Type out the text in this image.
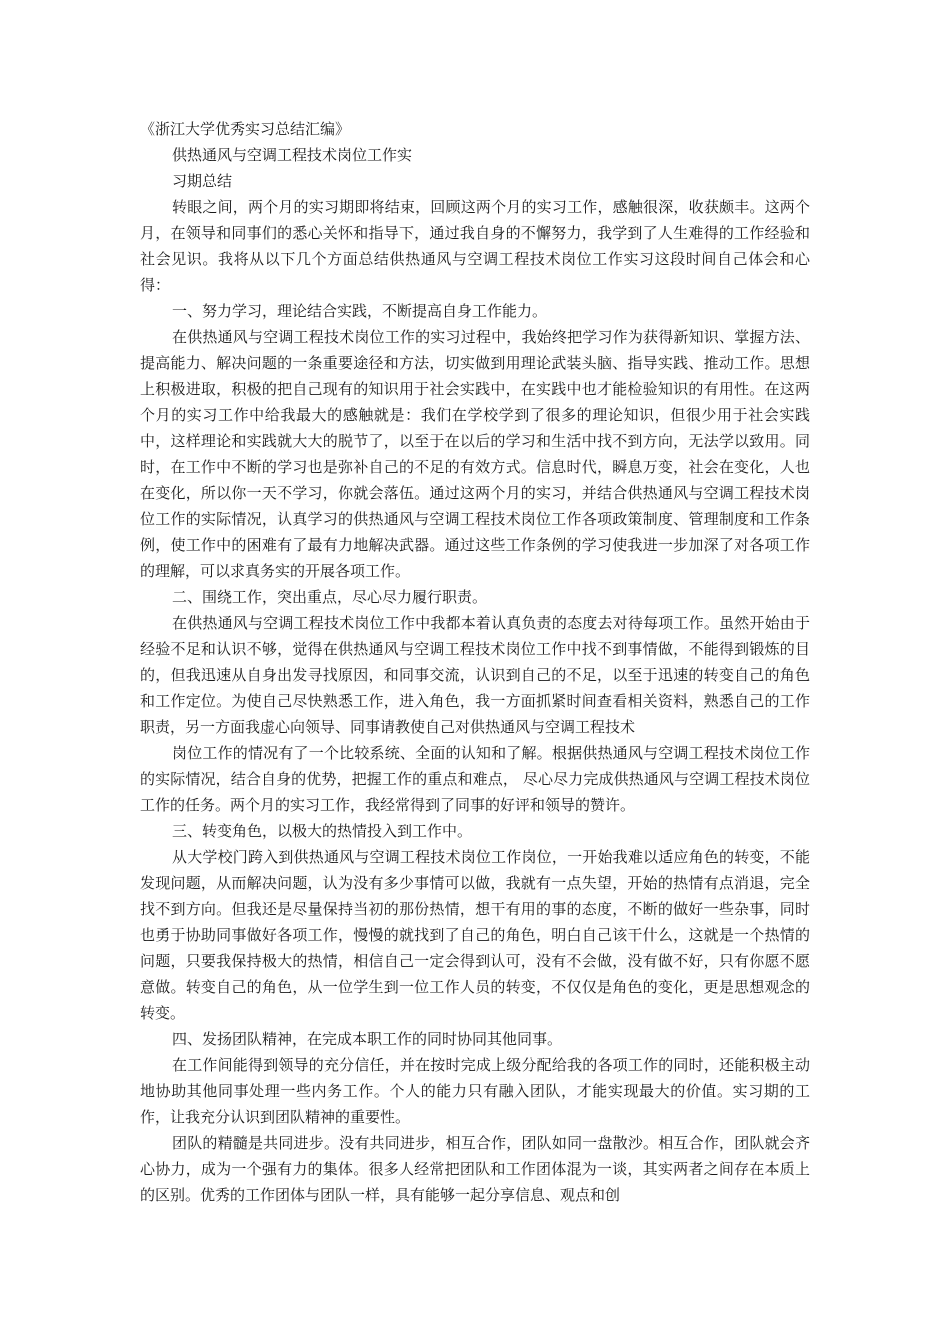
《浙江大学优秀实习总结汇编》

供热通风与空调工程技术岗位工作实

习期总结

转眼之间，两个月的实习期即将结束，回顾这两个月的实习工作，感触很深，收获颇丰。这两个月，在领导和同事们的悉心关怀和指导下，通过我自身的不懈努力，我学到了人生难得的工作经验和社会见识。我将从以下几个方面总结供热通风与空调工程技术岗位工作实习这段时间自己体会和心得：

一、努力学习，理论结合实践，不断提高自身工作能力。

在供热通风与空调工程技术岗位工作的实习过程中，我始终把学习作为获得新知识、掌握方法、提高能力、解决问题的一条重要途径和方法，切实做到用理论武装头脑、指导实践、推动工作。思想上积极进取，积极的把自己现有的知识用于社会实践中，在实践中也才能检验知识的有用性。在这两个月的实习工作中给我最大的感触就是：我们在学校学到了很多的理论知识，但很少用于社会实践中，这样理论和实践就大大的脱节了，以至于在以后的学习和生活中找不到方向，无法学以致用。同时，在工作中不断的学习也是弥补自己的不足的有效方式。信息时代，瞬息万变，社会在变化，人也在变化，所以你一天不学习，你就会落伍。通过这两个月的实习，并结合供热通风与空调工程技术岗位工作的实际情况，认真学习的供热通风与空调工程技术岗位工作各项政策制度、管理制度和工作条例，使工作中的困难有了最有力地解决武器。通过这些工作条例的学习使我进一步加深了对各项工作的理解，可以求真务实的开展各项工作。

二、围绕工作，突出重点，尽心尽力履行职责。

在供热通风与空调工程技术岗位工作中我都本着认真负责的态度去对待每项工作。虽然开始由于经验不足和认识不够，觉得在供热通风与空调工程技术岗位工作中找不到事情做，不能得到锻炼的目的，但我迅速从自身出发寻找原因，和同事交流，认识到自己的不足，以至于迅速的转变自己的角色和工作定位。为使自己尽快熟悉工作，进入角色，我一方面抓紧时间查看相关资料，熟悉自己的工作职责，另一方面我虚心向领导、同事请教使自己对供热通风与空调工程技术

岗位工作的情况有了一个比较系统、全面的认知和了解。根据供热通风与空调工程技术岗位工作的实际情况，结合自身的优势，把握工作的重点和难点， 尽心尽力完成供热通风与空调工程技术岗位工作的任务。两个月的实习工作，我经常得到了同事的好评和领导的赞许。

三、转变角色，以极大的热情投入到工作中。

从大学校门跨入到供热通风与空调工程技术岗位工作岗位，一开始我难以适应角色的转变，不能发现问题，从而解决问题，认为没有多少事情可以做，我就有一点失望，开始的热情有点消退，完全找不到方向。但我还是尽量保持当初的那份热情，想干有用的事的态度，不断的做好一些杂事，同时也勇于协助同事做好各项工作，慢慢的就找到了自己的角色，明白自己该干什么，这就是一个热情的问题，只要我保持极大的热情，相信自己一定会得到认可，没有不会做，没有做不好，只有你愿不愿意做。转变自己的角色，从一位学生到一位工作人员的转变，不仅仅是角色的变化，更是思想观念的转变。

四、发扬团队精神，在完成本职工作的同时协同其他同事。

在工作间能得到领导的充分信任，并在按时完成上级分配给我的各项工作的同时，还能积极主动地协助其他同事处理一些内务工作。个人的能力只有融入团队，才能实现最大的价值。实习期的工作，让我充分认识到团队精神的重要性。

团队的精髓是共同进步。没有共同进步，相互合作，团队如同一盘散沙。相互合作，团队就会齐心协力，成为一个强有力的集体。很多人经常把团队和工作团体混为一谈，其实两者之间存在本质上的区别。优秀的工作团体与团队一样，具有能够一起分享信息、观点和创
